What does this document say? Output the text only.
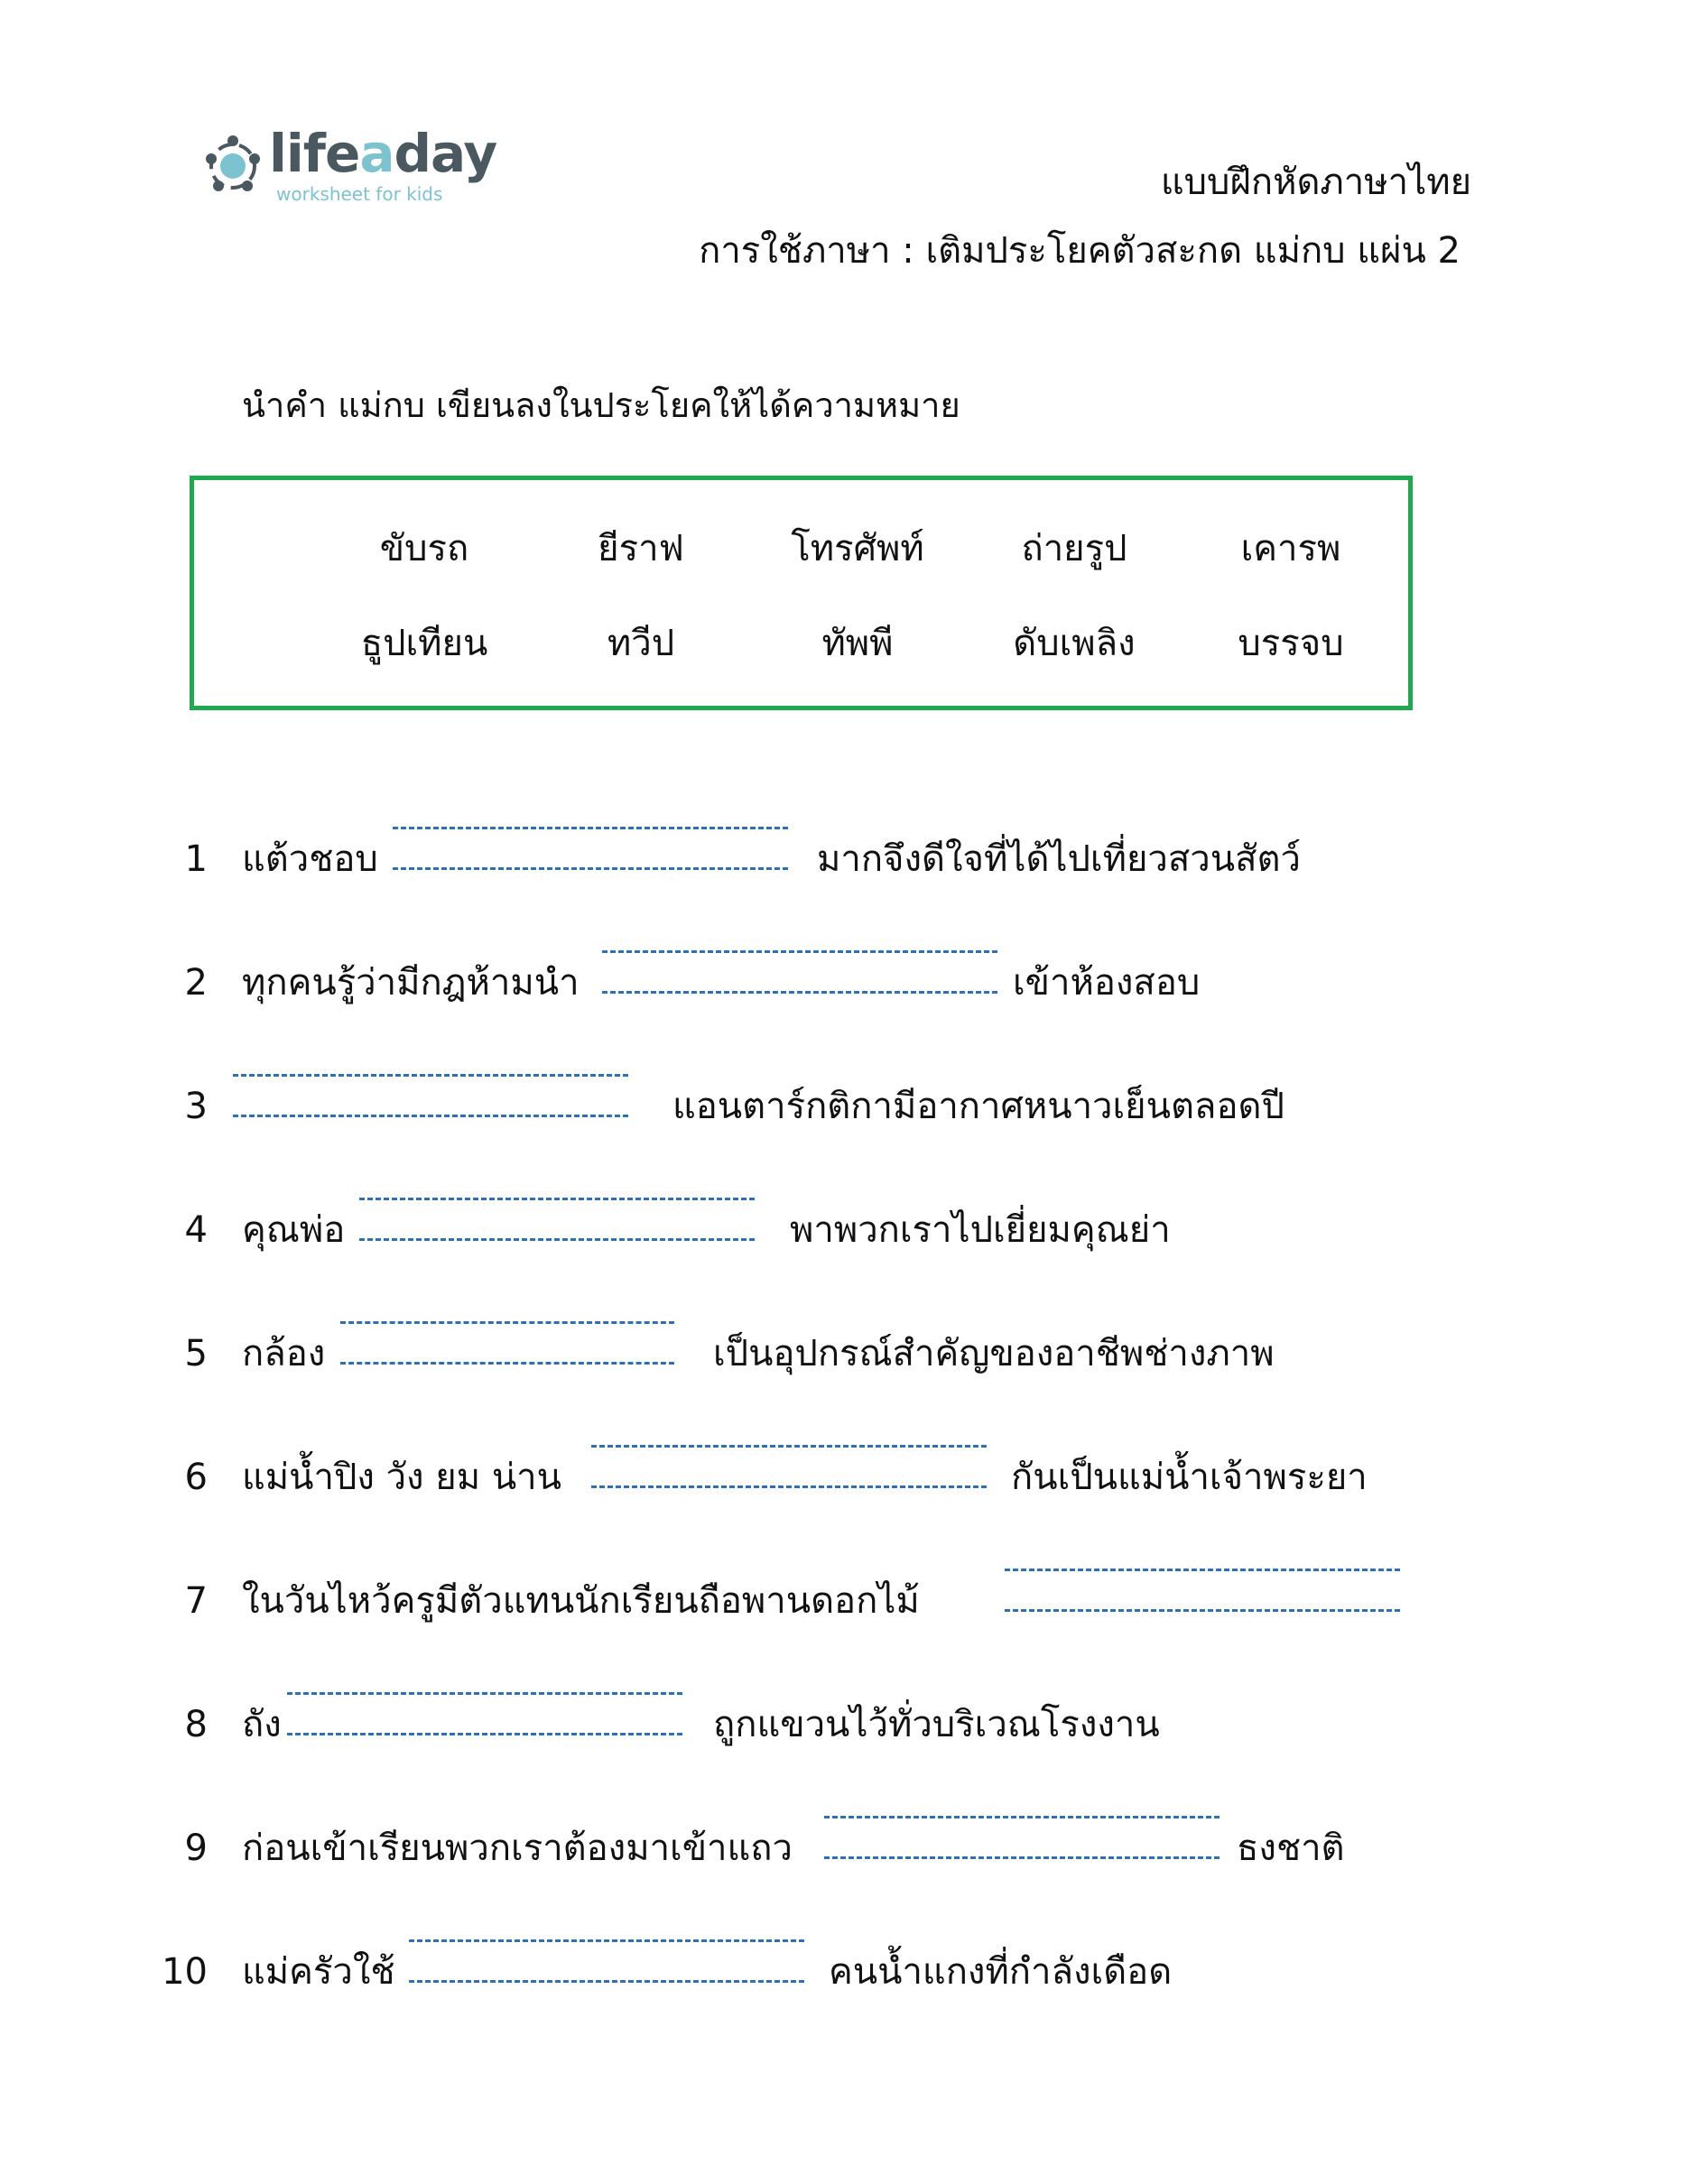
lifeaday
worksheet for kids	แบบฝึกหัดภาษาไทย
การใช้ภาษา : เติมประโยคตัวสะกด แม่กบ แผ่น 2
นำคำ แม่กบ เขียนลงในประโยคให้ได้ความหมาย
ขับรถ	ยีราฟ	โทรศัพท์	ถ่ายรูป	เคารพ
ธูปเทียน	ทวีป	ทัพพี	ดับเพลิง	บรรจบ
1 แต้วชอบ	มากจึงดีใจที่ได้ไปเที่ยวสวนสัตว์
2 ทุกคนรู้ว่ามีกฎห้ามนำ	เข้าห้องสอบ
3	แอนตาร์กติกามีอากาศหนาวเย็นตลอดปี
4 คุณพ่อ	พาพวกเราไปเยี่ยมคุณย่า
5 กล้อง	เป็นอุปกรณ์สำคัญของอาชีพช่างภาพ
6 แม่น้ำปิง วัง ยม น่าน	กันเป็นแม่น้ำเจ้าพระยา
7 ในวันไหว้ครูมีตัวแทนนักเรียนถือพานดอกไม้
8 ถัง	ถูกแขวนไว้ทั่วบริเวณโรงงาน
9 ก่อนเข้าเรียนพวกเราต้องมาเข้าแถว	ธงชาติ
10 แม่ครัวใช้	คนน้ำแกงที่กำลังเดือด
